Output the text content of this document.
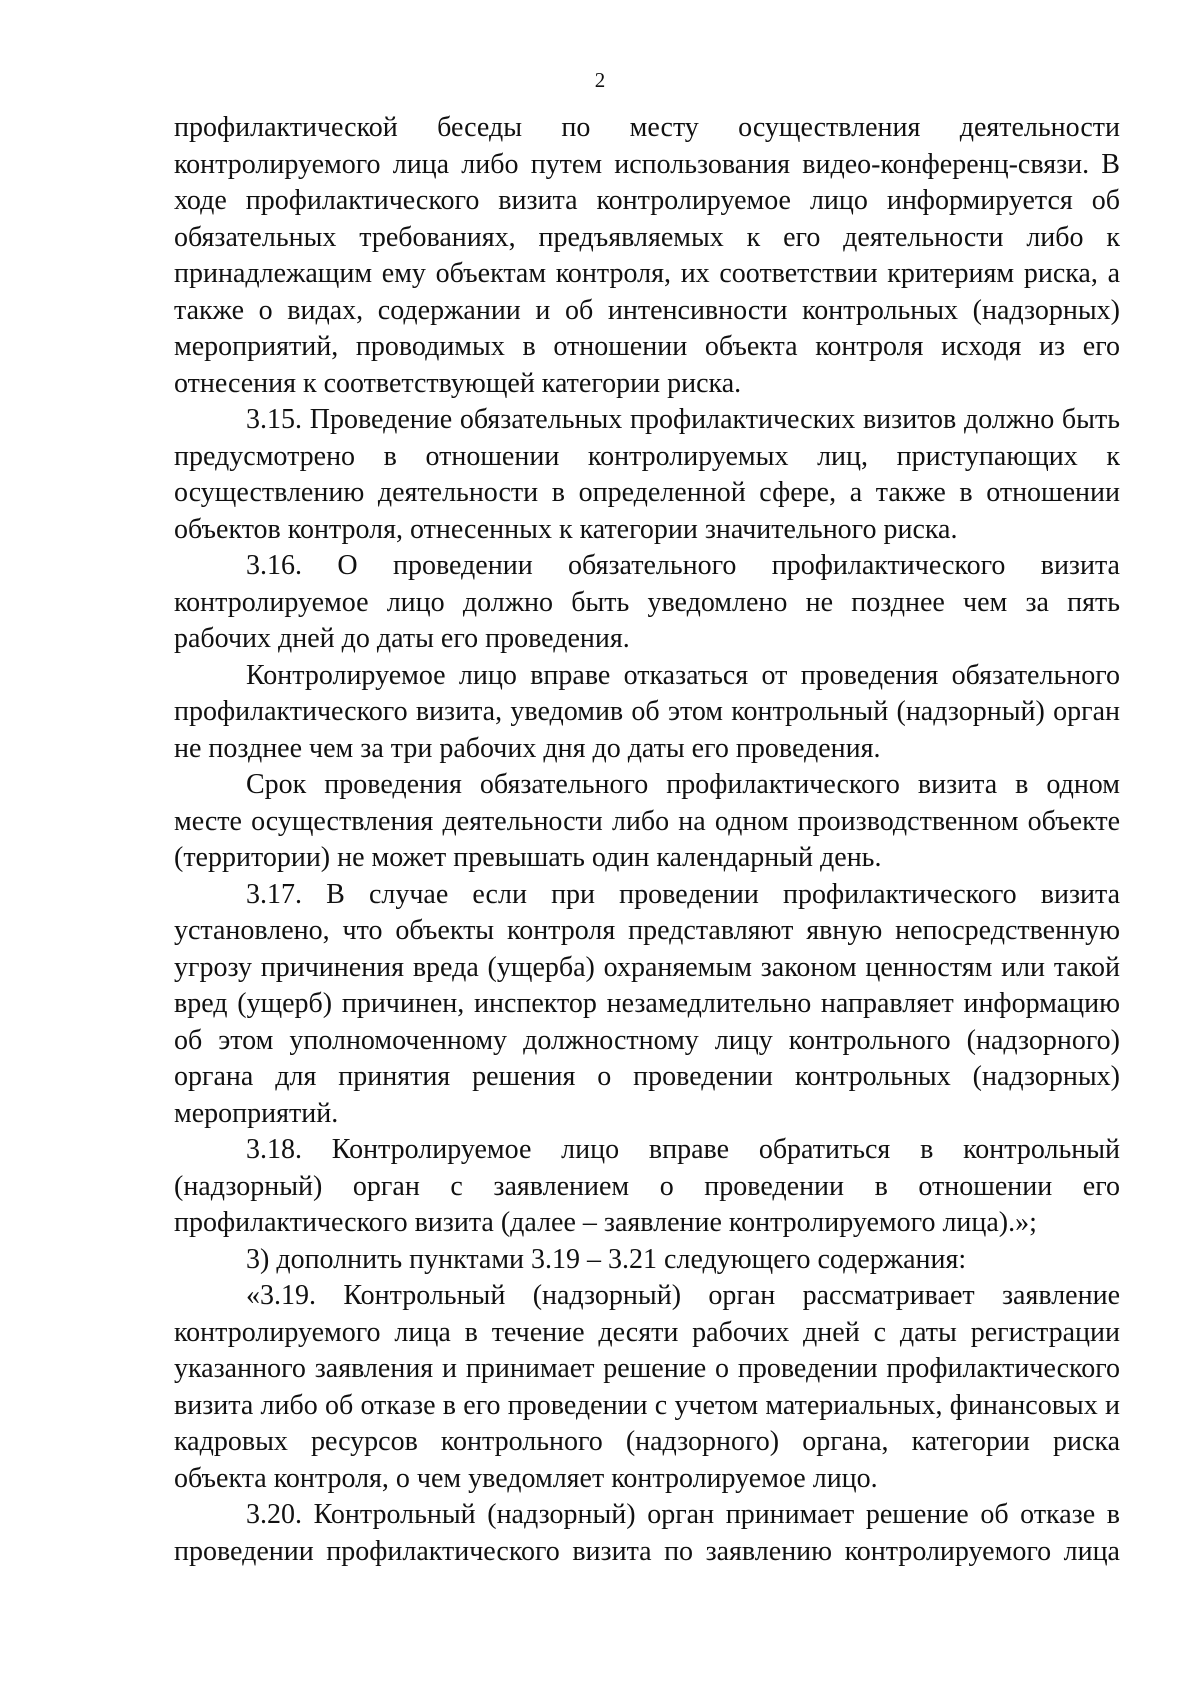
2

профилактической беседы по месту осуществления деятельности контролируемого лица либо путем использования видео-конференц-связи. В ходе профилактического визита контролируемое лицо информируется об обязательных требованиях, предъявляемых к его деятельности либо к принадлежащим ему объектам контроля, их соответствии критериям риска, а также о видах, содержании и об интенсивности контрольных (надзорных) мероприятий, проводимых в отношении объекта контроля исходя из его отнесения к соответствующей категории риска.

3.15. Проведение обязательных профилактических визитов должно быть предусмотрено в отношении контролируемых лиц, приступающих к осуществлению деятельности в определенной сфере, а также в отношении объектов контроля, отнесенных к категории значительного риска.

3.16. О проведении обязательного профилактического визита контролируемое лицо должно быть уведомлено не позднее чем за пять рабочих дней до даты его проведения.

Контролируемое лицо вправе отказаться от проведения обязательного профилактического визита, уведомив об этом контрольный (надзорный) орган не позднее чем за три рабочих дня до даты его проведения.

Срок проведения обязательного профилактического визита в одном месте осуществления деятельности либо на одном производственном объекте (территории) не может превышать один календарный день.

3.17. В случае если при проведении профилактического визита установлено, что объекты контроля представляют явную непосредственную угрозу причинения вреда (ущерба) охраняемым законом ценностям или такой вред (ущерб) причинен, инспектор незамедлительно направляет информацию об этом уполномоченному должностному лицу контрольного (надзорного) органа для принятия решения о проведении контрольных (надзорных) мероприятий.

3.18. Контролируемое лицо вправе обратиться в контрольный (надзорный) орган с заявлением о проведении в отношении его профилактического визита (далее – заявление контролируемого лица).»;

3) дополнить пунктами 3.19 – 3.21 следующего содержания:

«3.19. Контрольный (надзорный) орган рассматривает заявление контролируемого лица в течение десяти рабочих дней с даты регистрации указанного заявления и принимает решение о проведении профилактического визита либо об отказе в его проведении с учетом материальных, финансовых и кадровых ресурсов контрольного (надзорного) органа, категории риска объекта контроля, о чем уведомляет контролируемое лицо.

3.20. Контрольный (надзорный) орган принимает решение об отказе в проведении профилактического визита по заявлению контролируемого лица
